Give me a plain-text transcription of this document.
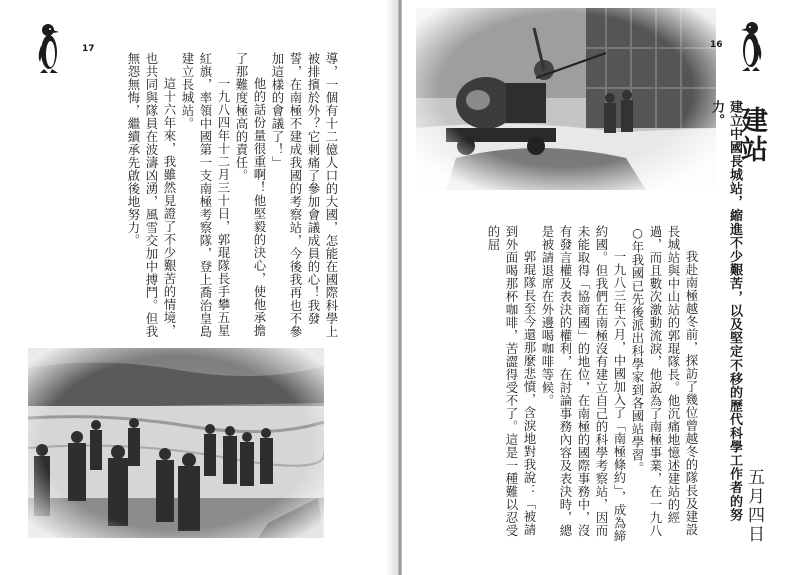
17

導，一個有十二億人口的大國，怎能在國際科學上被排擯於外？它刺痛了參加會議成員的心！我發誓，在南極不建成我國的考察站，今後我再也不參加這樣的會議了！」

他的話份量很重啊！他堅毅的決心，使他承擔了那難度極高的責任。

一九八四年十二月三十日，郭琨隊長手攀五星紅旗，率領中國第一支南極考察隊，登上喬治皇島建立長城站。

這十六年來，我雖然見證了不少艱苦的情境，也共同與隊員在波濤凶湧，風雪交加中搏鬥。但我無怨無悔，繼續承先啟後地努力。

16
建站
建立中國長城站，縮進不少艱苦，以及堅定不移的歷代科學工作者的努力。

我赴南極越冬前，探訪了幾位曾越冬的隊長及建設長城站與中山站的郭琨隊長。他沉痛地憶述建站的經過，而且數次激動流淚，他說為了南極事業，在一九八○年我國已先後派出科學家到各國站學習。

一九八三年六月，中國加入了「南極條約」，成為締約國。但我們在南極沒有建立自己的科學考察站，因而未能取得「協商國」的地位，在南極的國際事務中，沒有發言權及表決的權利，在討論事務內容及表決時，總是被請退席在外邊喝咖啡等候。

郭琨隊長至今還那麼悲憤，含淚地對我說：「被請到外面喝那杯咖啡，苦澀得受不了。這是一種難以忍受的屈

五月四日
